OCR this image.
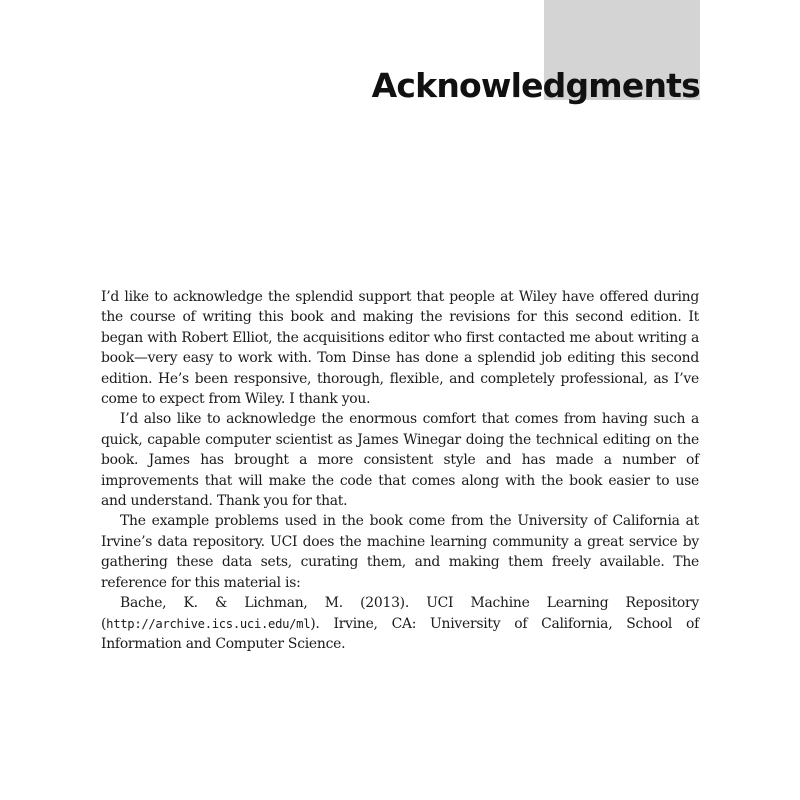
Acknowledgments

I’d like to acknowledge the splendid support that people at Wiley have offered during the course of writing this book and making the revisions for this second edition. It began with Robert Elliot, the acquisitions editor who first contacted me about writing a book—very easy to work with. Tom Dinse has done a splendid job editing this second edition. He’s been responsive, thorough, flexible, and completely professional, as I’ve come to expect from Wiley. I thank you.

I’d also like to acknowledge the enormous comfort that comes from having such a quick, capable computer scientist as James Winegar doing the technical editing on the book. James has brought a more consistent style and has made a number of improvements that will make the code that comes along with the book easier to use and understand. Thank you for that.

The example problems used in the book come from the University of California at Irvine’s data repository. UCI does the machine learning community a great service by gathering these data sets, curating them, and making them freely available. The reference for this material is:

Bache, K. & Lichman, M. (2013). UCI Machine Learning Repository (http://archive.ics.uci.edu/ml). Irvine, CA: University of California, School of Information and Computer Science.
